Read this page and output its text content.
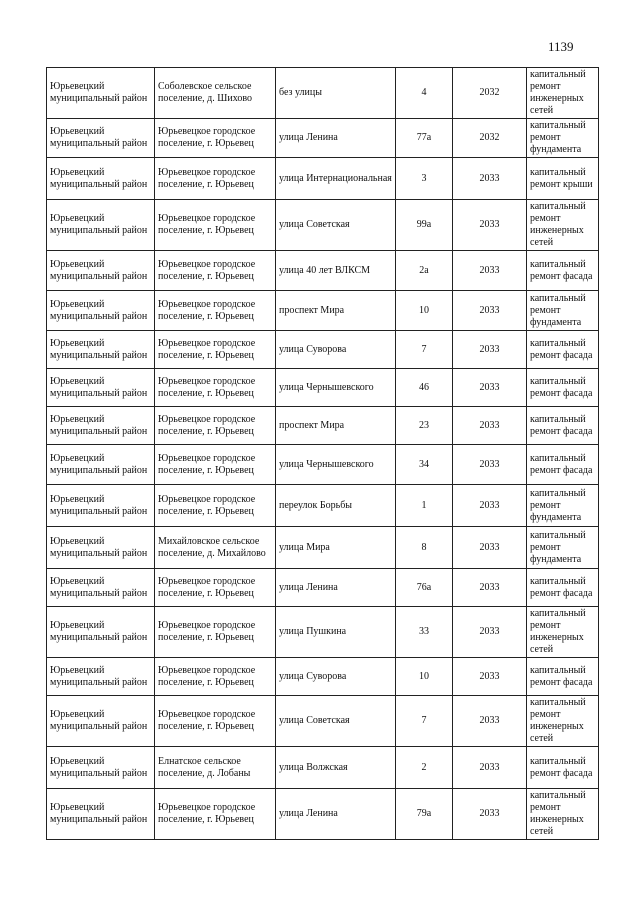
1139
Юрьевецкий муниципальный район	Соболевское сельское поселение, д. Шихово	без улицы	4	2032	капитальный ремонт инженерных сетей
Юрьевецкий муниципальный район	Юрьевецкое городское поселение, г. Юрьевец	улица Ленина	77а	2032	капитальный ремонт фундамента
Юрьевецкий муниципальный район	Юрьевецкое городское поселение, г. Юрьевец	улица Интернациональная	3	2033	капитальный ремонт крыши
Юрьевецкий муниципальный район	Юрьевецкое городское поселение, г. Юрьевец	улица Советская	99а	2033	капитальный ремонт инженерных сетей
Юрьевецкий муниципальный район	Юрьевецкое городское поселение, г. Юрьевец	улица 40 лет ВЛКСМ	2а	2033	капитальный ремонт фасада
Юрьевецкий муниципальный район	Юрьевецкое городское поселение, г. Юрьевец	проспект Мира	10	2033	капитальный ремонт фундамента
Юрьевецкий муниципальный район	Юрьевецкое городское поселение, г. Юрьевец	улица Суворова	7	2033	капитальный ремонт фасада
Юрьевецкий муниципальный район	Юрьевецкое городское поселение, г. Юрьевец	улица Чернышевского	46	2033	капитальный ремонт фасада
Юрьевецкий муниципальный район	Юрьевецкое городское поселение, г. Юрьевец	проспект Мира	23	2033	капитальный ремонт фасада
Юрьевецкий муниципальный район	Юрьевецкое городское поселение, г. Юрьевец	улица Чернышевского	34	2033	капитальный ремонт фасада
Юрьевецкий муниципальный район	Юрьевецкое городское поселение, г. Юрьевец	переулок Борьбы	1	2033	капитальный ремонт фундамента
Юрьевецкий муниципальный район	Михайловское сельское поселение, д. Михайлово	улица Мира	8	2033	капитальный ремонт фундамента
Юрьевецкий муниципальный район	Юрьевецкое городское поселение, г. Юрьевец	улица Ленина	76а	2033	капитальный ремонт фасада
Юрьевецкий муниципальный район	Юрьевецкое городское поселение, г. Юрьевец	улица Пушкина	33	2033	капитальный ремонт инженерных сетей
Юрьевецкий муниципальный район	Юрьевецкое городское поселение, г. Юрьевец	улица Суворова	10	2033	капитальный ремонт фасада
Юрьевецкий муниципальный район	Юрьевецкое городское поселение, г. Юрьевец	улица Советская	7	2033	капитальный ремонт инженерных сетей
Юрьевецкий муниципальный район	Елнатское сельское поселение, д. Лобаны	улица Волжская	2	2033	капитальный ремонт фасада
Юрьевецкий муниципальный район	Юрьевецкое городское поселение, г. Юрьевец	улица Ленина	79а	2033	капитальный ремонт инженерных сетей
